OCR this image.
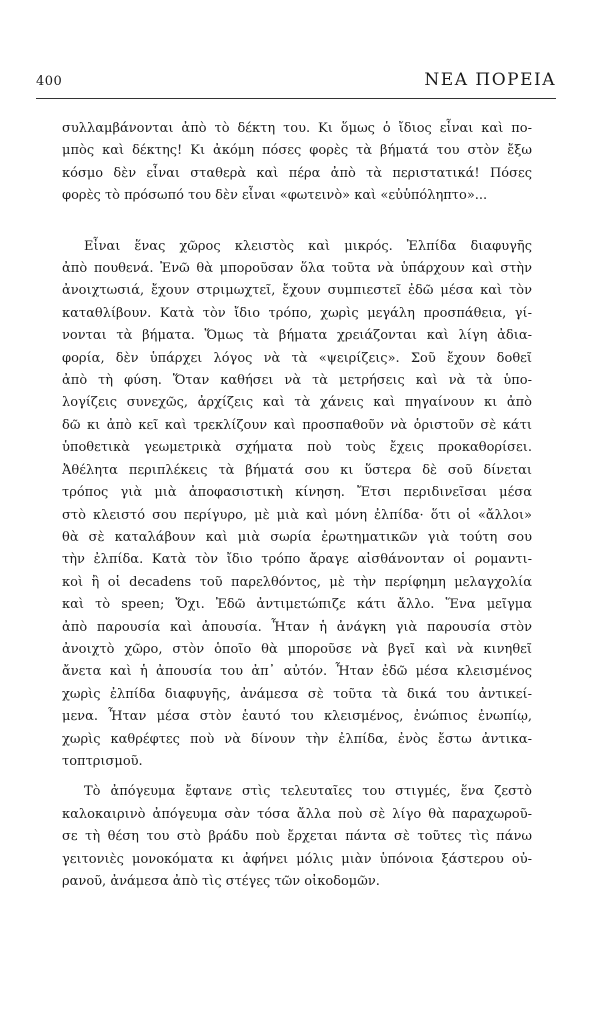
400	ΝΕΑ ΠΟΡΕΙΑ
συλλαμβάνονται ἀπὸ τὸ δέκτη του. Κι ὅμως ὁ ἴδιος εἶναι καὶ πο-
μπὸς καὶ δέκτης! Κι ἀκόμη πόσες φορὲς τὰ βήματά του στὸν ἔξω
κόσμο δὲν εἶναι σταθερὰ καὶ πέρα ἀπὸ τὰ περιστατικά! Πόσες
φορὲς τὸ πρόσωπό του δὲν εἶναι «φωτεινὸ» καὶ «εὐὑπόληπτο»...
Εἶναι ἕνας χῶρος κλειστὸς καὶ μικρός. Ἐλπίδα διαφυγῆς
ἀπὸ πουθενά. Ἐνῶ θὰ μποροῦσαν ὅλα τοῦτα νὰ ὑπάρχουν καὶ στὴν
ἀνοιχτωσιά, ἔχουν στριμωχτεῖ, ἔχουν συμπιεστεῖ ἐδῶ μέσα καὶ τὸν
καταθλίβουν. Κατὰ τὸν ἴδιο τρόπο, χωρὶς μεγάλη προσπάθεια, γί-
νονται τὰ βήματα. Ὅμως τὰ βήματα χρειάζονται καὶ λίγη ἀδια-
φορία, δὲν ὑπάρχει λόγος νὰ τὰ «ψειρίζεις». Σοῦ ἔχουν δοθεῖ
ἀπὸ τὴ φύση. Ὅταν καθήσει νὰ τὰ μετρήσεις καὶ νὰ τὰ ὑπο-
λογίζεις συνεχῶς, ἀρχίζεις καὶ τὰ χάνεις καὶ πηγαίνουν κι ἀπὸ
δῶ κι ἀπὸ κεῖ καὶ τρεκλίζουν καὶ προσπαθοῦν νὰ ὁριστοῦν σὲ κάτι
ὑποθετικὰ γεωμετρικὰ σχήματα ποὺ τοὺς ἔχεις προκαθορίσει.
Ἀθέλητα περιπλέκεις τὰ βήματά σου κι ὕστερα δὲ σοῦ δίνεται
τρόπος γιὰ μιὰ ἀποφασιστικὴ κίνηση. Ἔτσι περιδινεῖσαι μέσα
στὸ κλειστό σου περίγυρο, μὲ μιὰ καὶ μόνη ἐλπίδα· ὅτι οἱ «ἄλλοι»
θὰ σὲ καταλάβουν καὶ μιὰ σωρία ἐρωτηματικῶν γιὰ τούτη σου
τὴν ἐλπίδα. Κατὰ τὸν ἴδιο τρόπο ἄραγε αἰσθάνονταν οἱ ρομαντι-
κοὶ ἢ οἱ decadens τοῦ παρελθόντος, μὲ τὴν περίφημη μελαγχολία
καὶ τὸ speen; Ὄχι. Ἐδῶ ἀντιμετώπιζε κάτι ἄλλο. Ἕνα μεῖγμα
ἀπὸ παρουσία καὶ ἀπουσία. Ἦταν ἡ ἀνάγκη γιὰ παρουσία στὸν
ἀνοιχτὸ χῶρο, στὸν ὁποῖο θὰ μποροῦσε νὰ βγεῖ καὶ νὰ κινηθεῖ
ἄνετα καὶ ἡ ἀπουσία του ἀπ᾿ αὐτόν. Ἦταν ἐδῶ μέσα κλεισμένος
χωρὶς ἐλπίδα διαφυγῆς, ἀνάμεσα σὲ τοῦτα τὰ δικά του ἀντικεί-
μενα. Ἦταν μέσα στὸν ἑαυτό του κλεισμένος, ἐνώπιος ἐνωπίῳ,
χωρὶς καθρέφτες ποὺ νὰ δίνουν τὴν ἐλπίδα, ἐνὸς ἔστω ἀντικα-
τοπτρισμοῦ.
Τὸ ἀπόγευμα ἔφτανε στὶς τελευταῖες του στιγμές, ἕνα ζεστὸ
καλοκαιρινὸ ἀπόγευμα σὰν τόσα ἄλλα ποὺ σὲ λίγο θὰ παραχωροῦ-
σε τὴ θέση του στὸ βράδυ ποὺ ἔρχεται πάντα σὲ τοῦτες τὶς πάνω
γειτονιὲς μονοκόματα κι ἀφήνει μόλις μιὰν ὑπόνοια ξάστερου οὐ-
ρανοῦ, ἀνάμεσα ἀπὸ τὶς στέγες τῶν οἰκοδομῶν.
